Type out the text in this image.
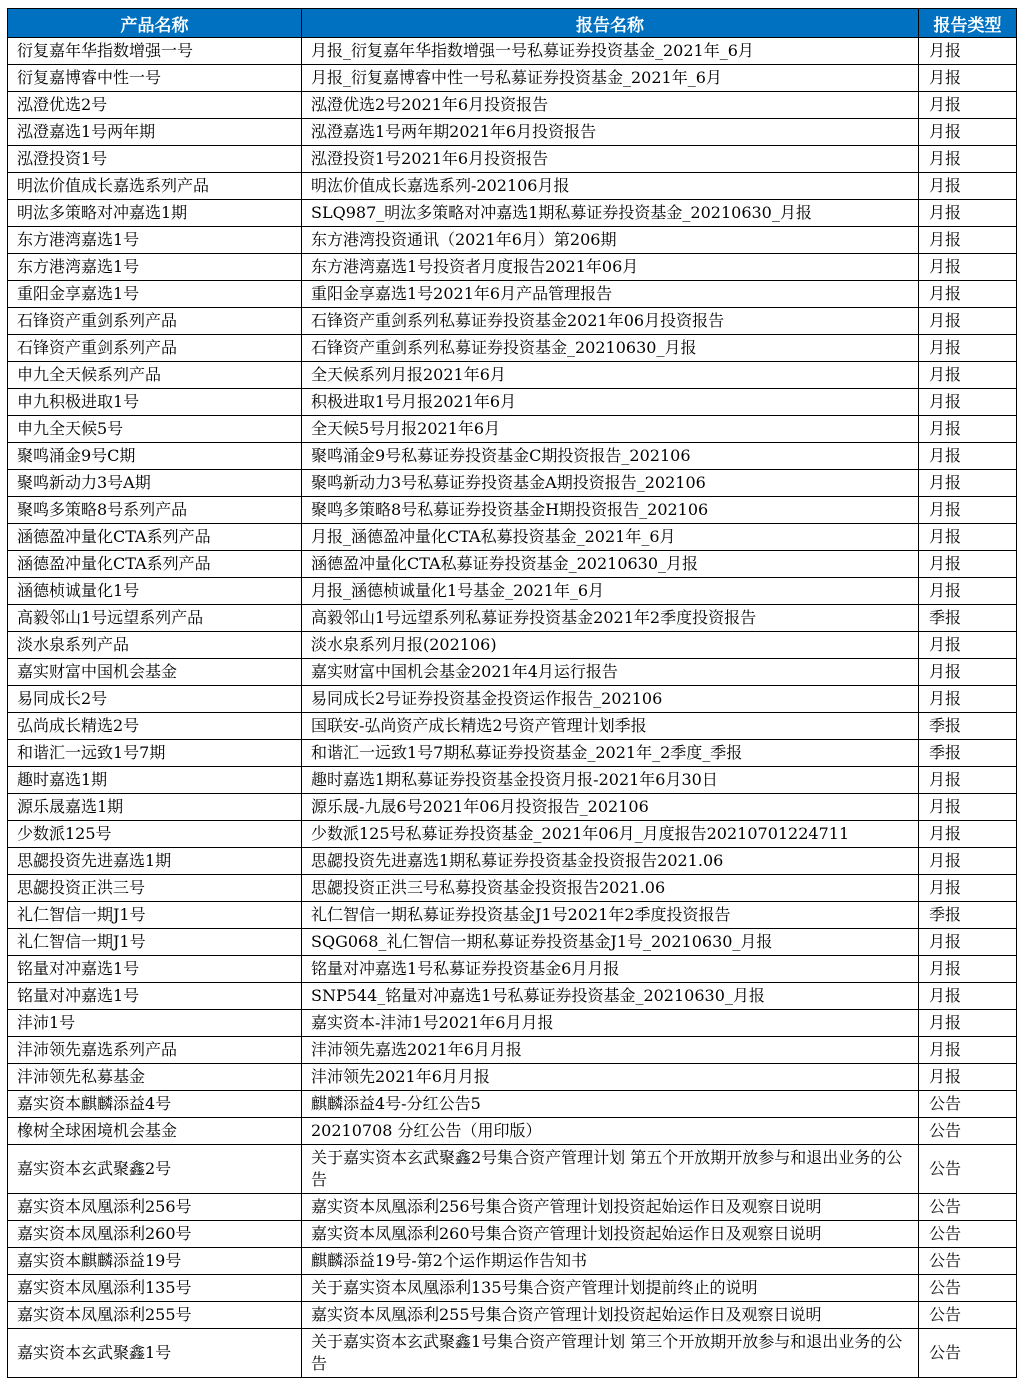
产品名称	报告名称	报告类型
衍复嘉年华指数增强一号	月报_衍复嘉年华指数增强一号私募证券投资基金_2021年_6月	月报
衍复嘉博睿中性一号	月报_衍复嘉博睿中性一号私募证券投资基金_2021年_6月	月报
泓澄优选2号	泓澄优选2号2021年6月投资报告	月报
泓澄嘉选1号两年期	泓澄嘉选1号两年期2021年6月投资报告	月报
泓澄投资1号	泓澄投资1号2021年6月投资报告	月报
明汯价值成长嘉选系列产品	明汯价值成长嘉选系列-202106月报	月报
明汯多策略对冲嘉选1期	SLQ987_明汯多策略对冲嘉选1期私募证券投资基金_20210630_月报	月报
东方港湾嘉选1号	东方港湾投资通讯（2021年6月）第206期	月报
东方港湾嘉选1号	东方港湾嘉选1号投资者月度报告2021年06月	月报
重阳金享嘉选1号	重阳金享嘉选1号2021年6月产品管理报告	月报
石锋资产重剑系列产品	石锋资产重剑系列私募证券投资基金2021年06月投资报告	月报
石锋资产重剑系列产品	石锋资产重剑系列私募证券投资基金_20210630_月报	月报
申九全天候系列产品	全天候系列月报2021年6月	月报
申九积极进取1号	积极进取1号月报2021年6月	月报
申九全天候5号	全天候5号月报2021年6月	月报
聚鸣涌金9号C期	聚鸣涌金9号私募证券投资基金C期投资报告_202106	月报
聚鸣新动力3号A期	聚鸣新动力3号私募证券投资基金A期投资报告_202106	月报
聚鸣多策略8号系列产品	聚鸣多策略8号私募证券投资基金H期投资报告_202106	月报
涵德盈冲量化CTA系列产品	月报_涵德盈冲量化CTA私募投资基金_2021年_6月	月报
涵德盈冲量化CTA系列产品	涵德盈冲量化CTA私募证券投资基金_20210630_月报	月报
涵德桢诚量化1号	月报_涵德桢诚量化1号基金_2021年_6月	月报
高毅邻山1号远望系列产品	高毅邻山1号远望系列私募证券投资基金2021年2季度投资报告	季报
淡水泉系列产品	淡水泉系列月报(202106)	月报
嘉实财富中国机会基金	嘉实财富中国机会基金2021年4月运行报告	月报
易同成长2号	易同成长2号证券投资基金投资运作报告_202106	月报
弘尚成长精选2号	国联安-弘尚资产成长精选2号资产管理计划季报	季报
和谐汇一远致1号7期	和谐汇一远致1号7期私募证券投资基金_2021年_2季度_季报	季报
趣时嘉选1期	趣时嘉选1期私募证券投资基金投资月报-2021年6月30日	月报
源乐晟嘉选1期	源乐晟-九晟6号2021年06月投资报告_202106	月报
少数派125号	少数派125号私募证券投资基金_2021年06月_月度报告20210701224711	月报
思勰投资先进嘉选1期	思勰投资先进嘉选1期私募证券投资基金投资报告2021.06	月报
思勰投资正洪三号	思勰投资正洪三号私募投资基金投资报告2021.06	月报
礼仁智信一期J1号	礼仁智信一期私募证券投资基金J1号2021年2季度投资报告	季报
礼仁智信一期J1号	SQG068_礼仁智信一期私募证券投资基金J1号_20210630_月报	月报
铭量对冲嘉选1号	铭量对冲嘉选1号私募证券投资基金6月月报	月报
铭量对冲嘉选1号	SNP544_铭量对冲嘉选1号私募证券投资基金_20210630_月报	月报
沣沛1号	嘉实资本-沣沛1号2021年6月月报	月报
沣沛领先嘉选系列产品	沣沛领先嘉选2021年6月月报	月报
沣沛领先私募基金	沣沛领先2021年6月月报	月报
嘉实资本麒麟添益4号	麒麟添益4号-分红公告5	公告
橡树全球困境机会基金	20210708 分红公告（用印版）	公告
嘉实资本玄武聚鑫2号	关于嘉实资本玄武聚鑫2号集合资产管理计划 第五个开放期开放参与和退出业务的公告	公告
嘉实资本凤凰添利256号	嘉实资本凤凰添利256号集合资产管理计划投资起始运作日及观察日说明	公告
嘉实资本凤凰添利260号	嘉实资本凤凰添利260号集合资产管理计划投资起始运作日及观察日说明	公告
嘉实资本麒麟添益19号	麒麟添益19号-第2个运作期运作告知书	公告
嘉实资本凤凰添利135号	关于嘉实资本凤凰添利135号集合资产管理计划提前终止的说明	公告
嘉实资本凤凰添利255号	嘉实资本凤凰添利255号集合资产管理计划投资起始运作日及观察日说明	公告
嘉实资本玄武聚鑫1号	关于嘉实资本玄武聚鑫1号集合资产管理计划 第三个开放期开放参与和退出业务的公告	公告
